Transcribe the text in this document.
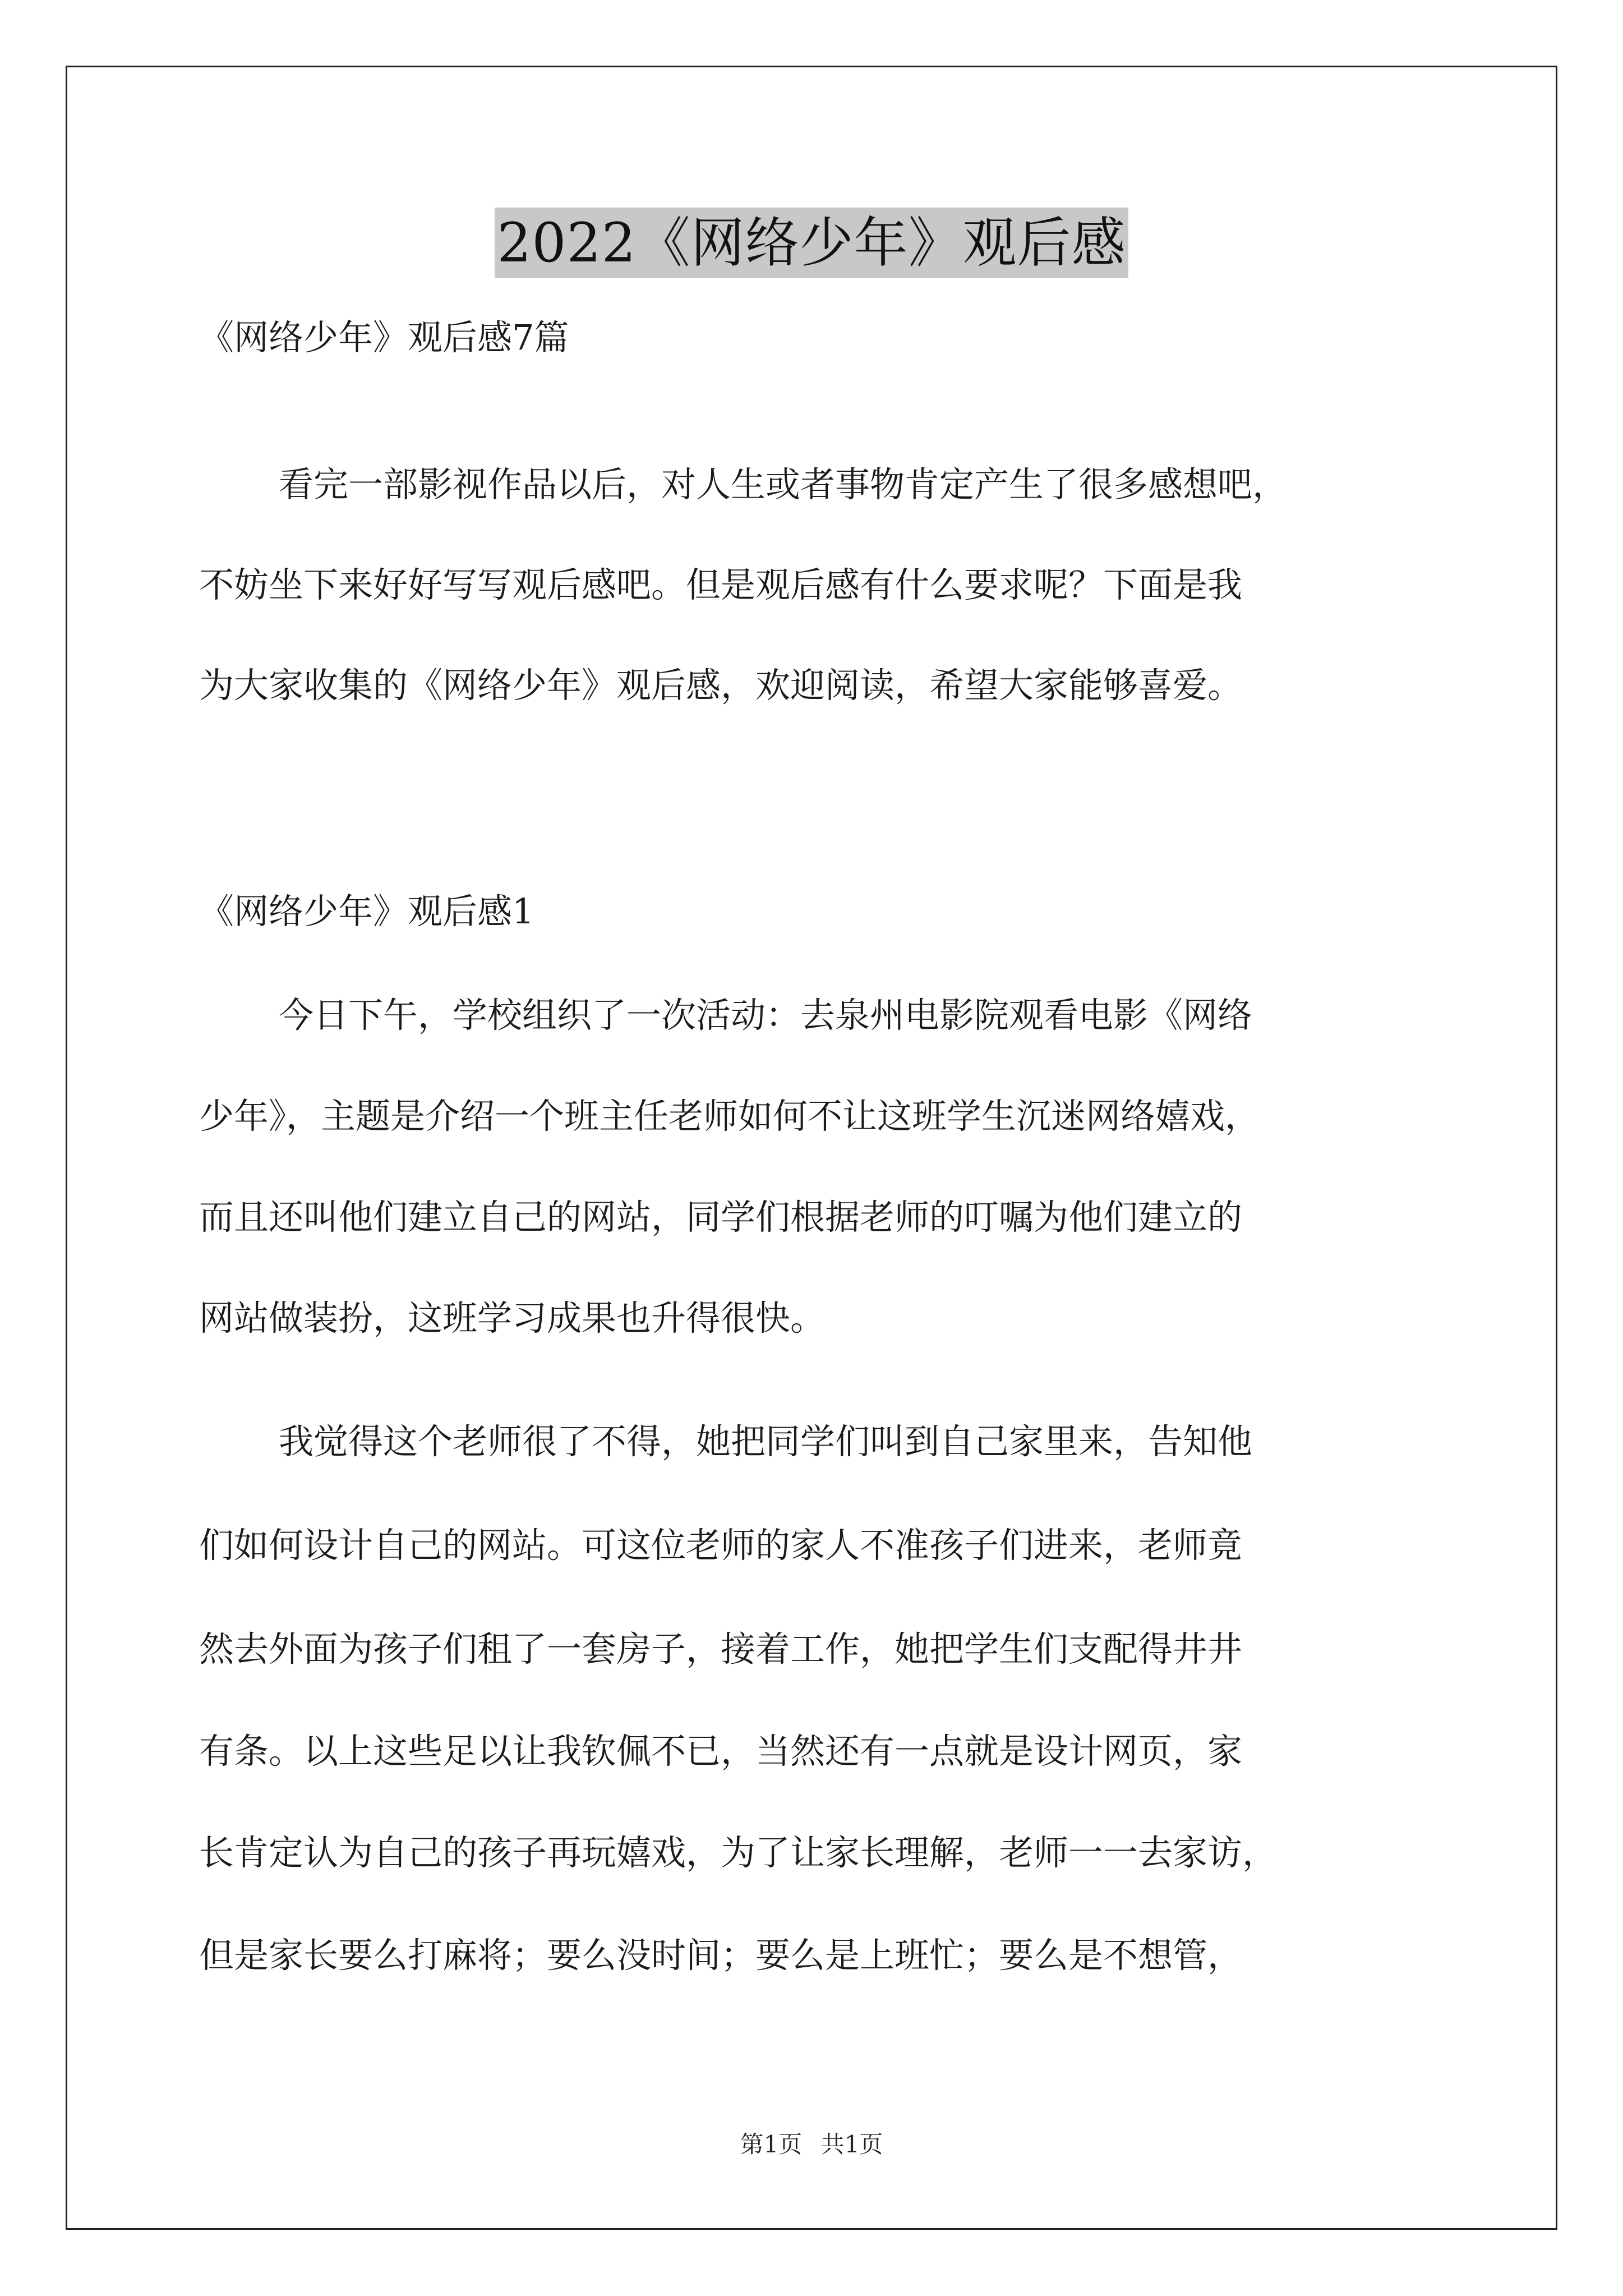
2022《网络少年》观后感
《网络少年》观后感7篇
看完一部影视作品以后，对人生或者事物肯定产生了很多感想吧，
不妨坐下来好好写写观后感吧。但是观后感有什么要求呢？下面是我
为大家收集的《网络少年》观后感，欢迎阅读，希望大家能够喜爱。
《网络少年》观后感1
今日下午，学校组织了一次活动：去泉州电影院观看电影《网络
少年》，主题是介绍一个班主任老师如何不让这班学生沉迷网络嬉戏，
而且还叫他们建立自己的网站，同学们根据老师的叮嘱为他们建立的
网站做装扮，这班学习成果也升得很快。
我觉得这个老师很了不得，她把同学们叫到自己家里来，告知他
们如何设计自己的网站。可这位老师的家人不准孩子们进来，老师竟
然去外面为孩子们租了一套房子，接着工作，她把学生们支配得井井
有条。以上这些足以让我钦佩不已，当然还有一点就是设计网页，家
长肯定认为自己的孩子再玩嬉戏，为了让家长理解，老师一一去家访，
但是家长要么打麻将；要么没时间；要么是上班忙；要么是不想管，
第1页 共1页
